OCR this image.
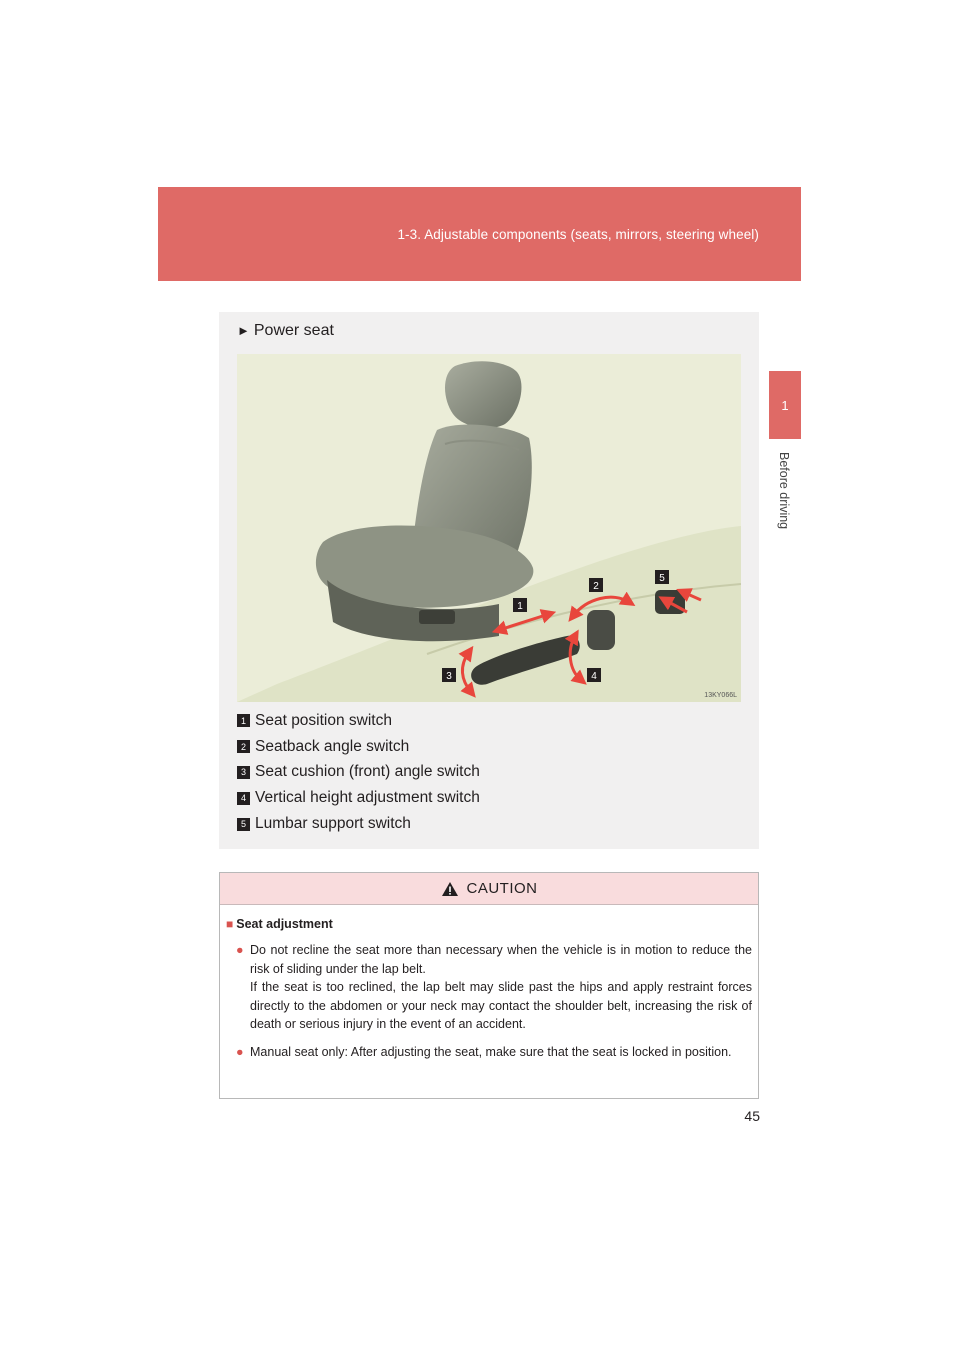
1-3. Adjustable components (seats, mirrors, steering wheel)
1
Before driving
► Power seat
1
2
3	4
5
13KY066L
1 Seat position switch
2 Seatback angle switch
3 Seat cushion (front) angle switch
4 Vertical height adjustment switch
5 Lumbar support switch
CAUTION
■ Seat adjustment
● Do not recline the seat more than necessary when the vehicle is in motion to reduce the risk of sliding under the lap belt.
If the seat is too reclined, the lap belt may slide past the hips and apply restraint forces directly to the abdomen or your neck may contact the shoulder belt, increasing the risk of death or serious injury in the event of an accident.
● Manual seat only: After adjusting the seat, make sure that the seat is locked in position.
45
